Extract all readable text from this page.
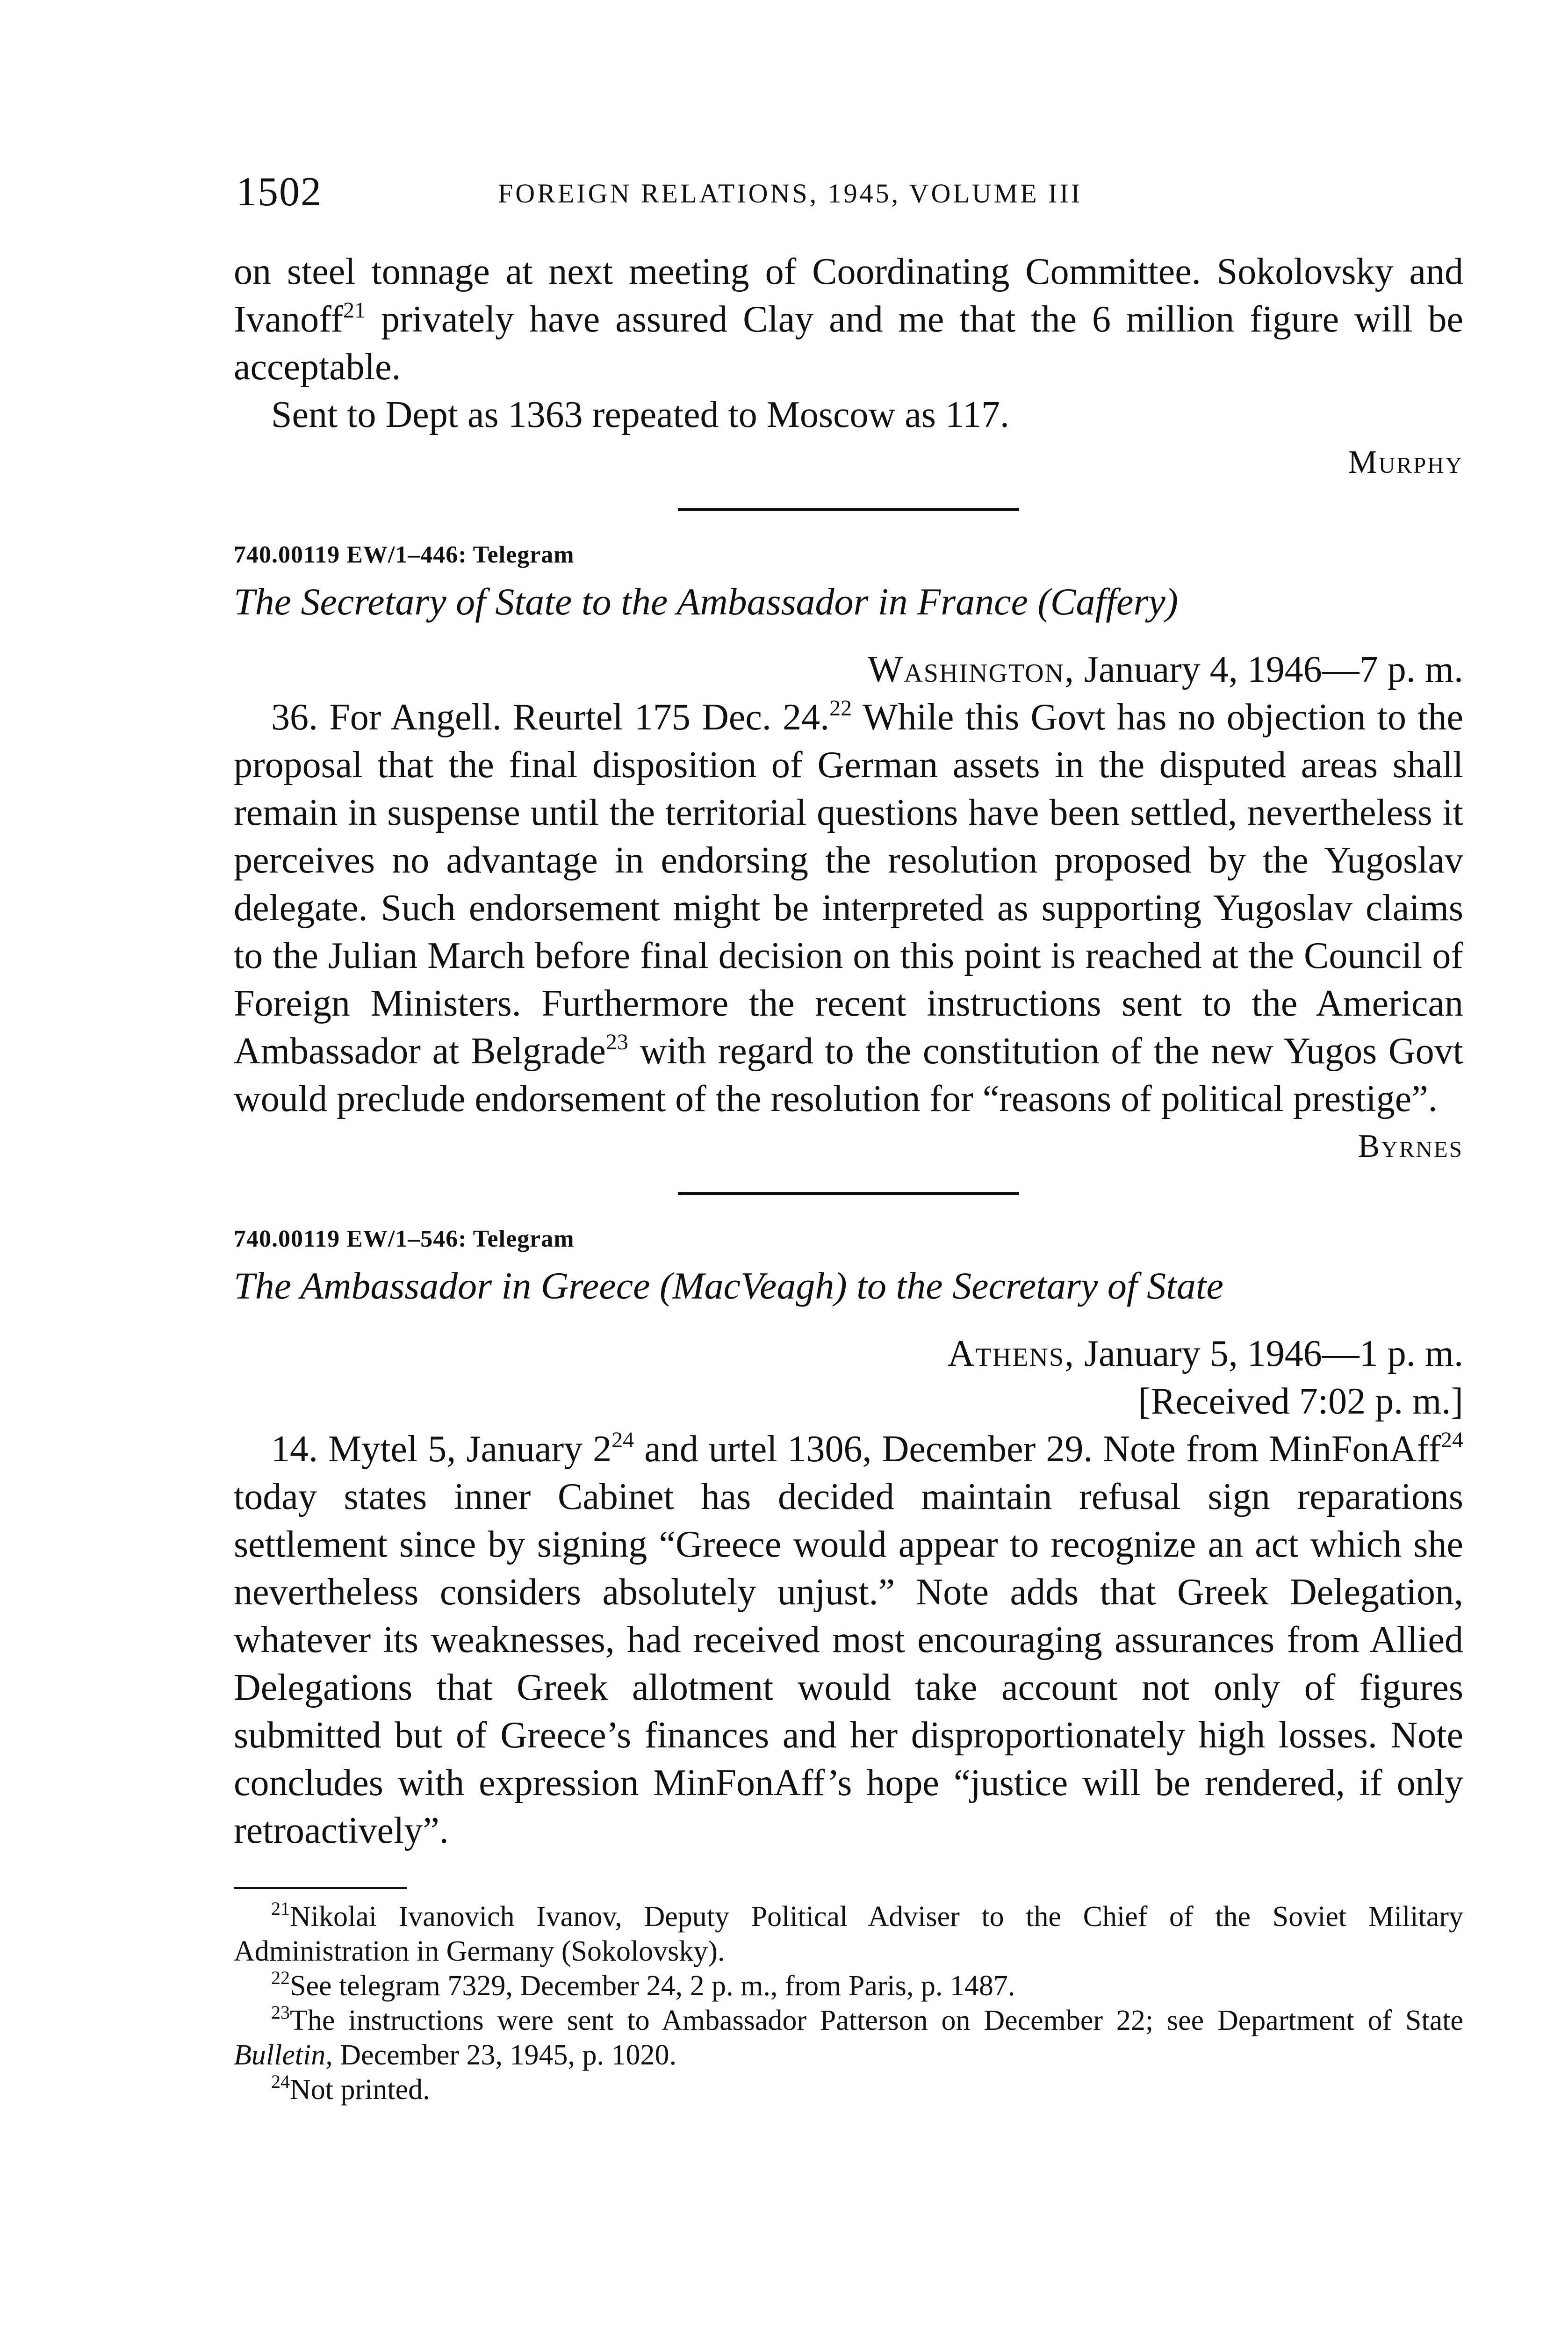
1502	FOREIGN RELATIONS, 1945, VOLUME III

on steel tonnage at next meeting of Coordinating Committee. Sokolovsky and Ivanoff$^{21}$ privately have assured Clay and me that the 6 million figure will be acceptable.

Sent to Dept as 1363 repeated to Moscow as 117.

Murphy

740.00119 EW/1–446: Telegram

The Secretary of State to the Ambassador in France (Caffery)

Washington, January 4, 1946—7 p. m.

36. For Angell. Reurtel 175 Dec. 24.22 While this Govt has no objection to the proposal that the final disposition of German assets in the disputed areas shall remain in suspense until the territorial questions have been settled, nevertheless it perceives no advantage in endorsing the resolution proposed by the Yugoslav delegate. Such endorsement might be interpreted as supporting Yugoslav claims to the Julian March before final decision on this point is reached at the Council of Foreign Ministers. Furthermore the recent instructions sent to the American Ambassador at Belgrade$^{23}$ with regard to the constitution of the new Yugos Govt would preclude endorsement of the resolution for “reasons of political prestige”.

Byrnes

740.00119 EW/1–546: Telegram

The Ambassador in Greece (MacVeagh) to the Secretary of State

Athens, January 5, 1946—1 p. m.

[Received 7:02 p. m.]

14. Mytel 5, January $2^{24}$ and urtel 1306, December 29. Note from MinFonAff$^{24}$ today states inner Cabinet has decided maintain refusal sign reparations settlement since by signing “Greece would appear to recognize an act which she nevertheless considers absolutely unjust.” Note adds that Greek Delegation, whatever its weaknesses, had received most encouraging assurances from Allied Delegations that Greek allotment would take account not only of figures submitted but of Greece’s finances and her disproportionately high losses. Note concludes with expression MinFonAff’s hope “justice will be rendered, if only retroactively”.

$^{21}$Nikolai Ivanovich Ivanov, Deputy Political Adviser to the Chief of the Soviet Military Administration in Germany (Sokolovsky).

$^{22}$See telegram 7329, December 24, 2 p. m., from Paris, p. 1487.

$^{23}$The instructions were sent to Ambassador Patterson on December 22; see Department of State Bulletin, December 23, 1945, p. 1020.

$^{24}$Not printed.
